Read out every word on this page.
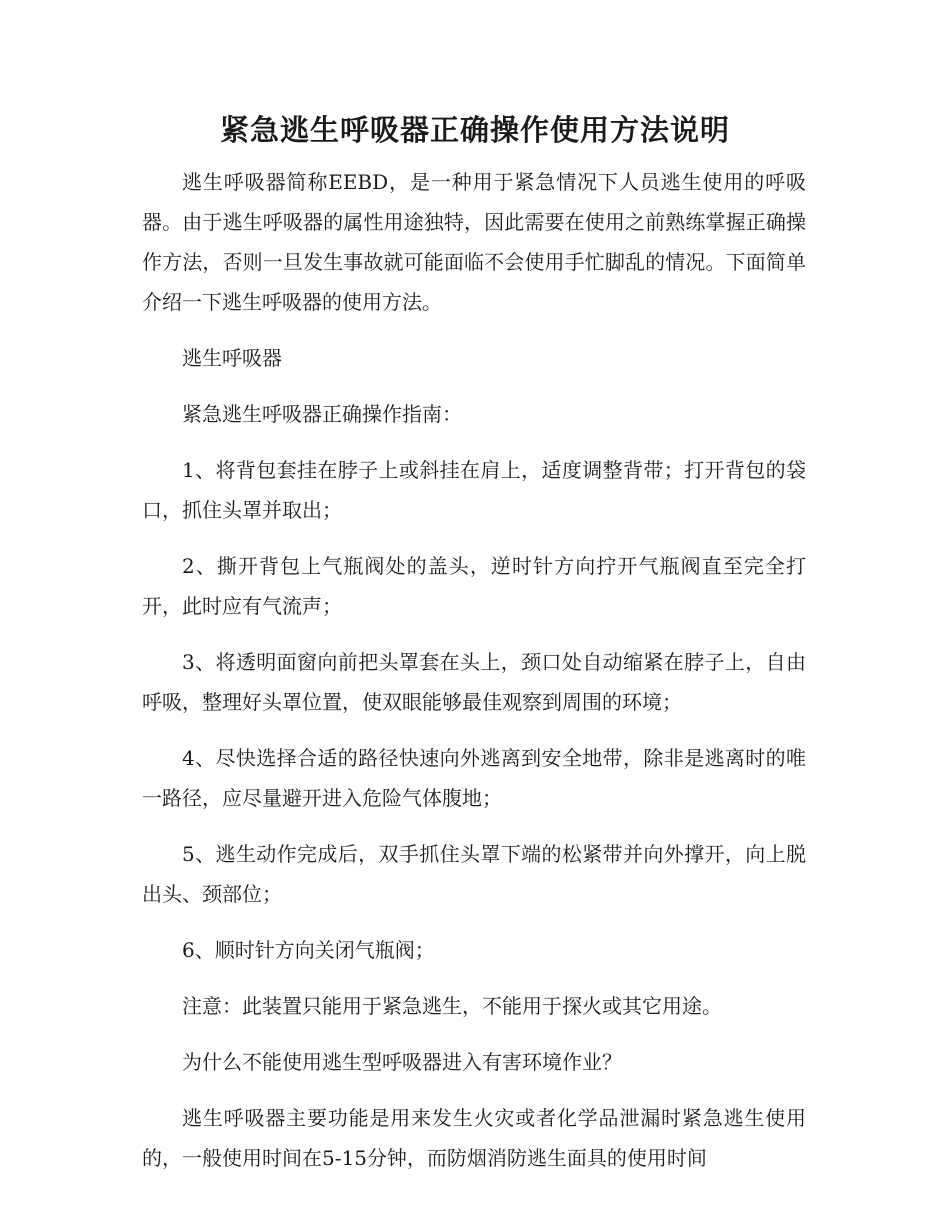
紧急逃生呼吸器正确操作使用方法说明

逃生呼吸器简称EEBD，是一种用于紧急情况下人员逃生使用的呼吸器。由于逃生呼吸器的属性用途独特，因此需要在使用之前熟练掌握正确操作方法，否则一旦发生事故就可能面临不会使用手忙脚乱的情况。下面简单介绍一下逃生呼吸器的使用方法。

逃生呼吸器

紧急逃生呼吸器正确操作指南：

1、将背包套挂在脖子上或斜挂在肩上，适度调整背带；打开背包的袋口，抓住头罩并取出；

2、撕开背包上气瓶阀处的盖头，逆时针方向拧开气瓶阀直至完全打开，此时应有气流声；

3、将透明面窗向前把头罩套在头上，颈口处自动缩紧在脖子上，自由呼吸，整理好头罩位置，使双眼能够最佳观察到周围的环境；

4、尽快选择合适的路径快速向外逃离到安全地带，除非是逃离时的唯一路径，应尽量避开进入危险气体腹地；

5、逃生动作完成后，双手抓住头罩下端的松紧带并向外撑开，向上脱出头、颈部位；

6、顺时针方向关闭气瓶阀；

注意：此装置只能用于紧急逃生，不能用于探火或其它用途。

为什么不能使用逃生型呼吸器进入有害环境作业？

逃生呼吸器主要功能是用来发生火灾或者化学品泄漏时紧急逃生使用的，一般使用时间在5-15分钟，而防烟消防逃生面具的使用时间
